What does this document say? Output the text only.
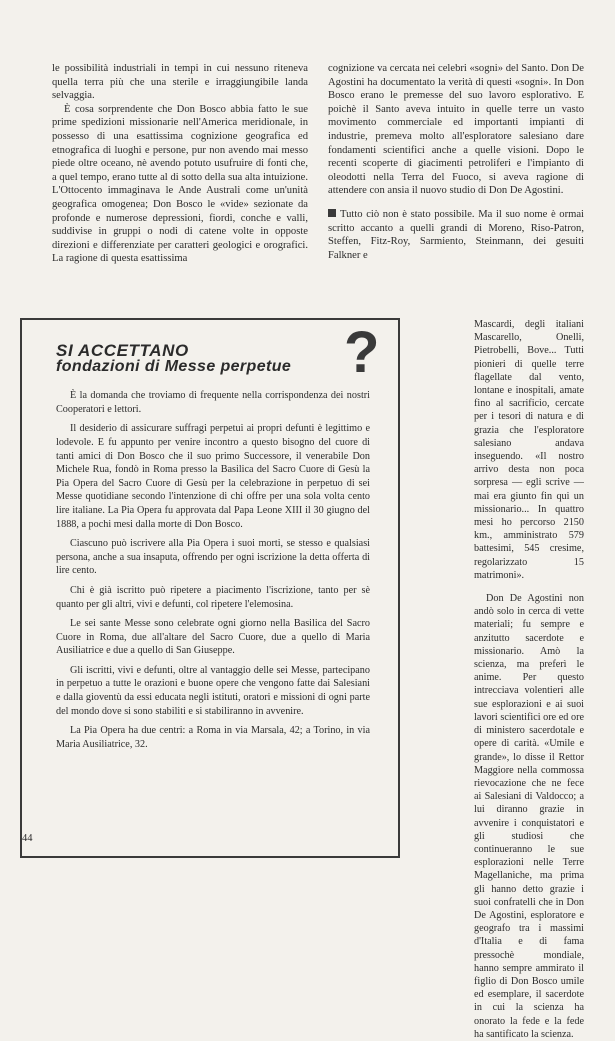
le possibilità industriali in tempi in cui nessuno riteneva quella terra più che una sterile e irraggiungibile landa selvaggia.

È cosa sorprendente che Don Bosco abbia fatto le sue prime spedizioni missionarie nell'America meridionale, in possesso di una esattissima cognizione geografica ed etnografica di luoghi e persone, pur non avendo mai messo piede oltre oceano, nè avendo potuto usufruire di fonti che, a quel tempo, erano tutte al di sotto della sua alta intuizione. L'Ottocento immaginava le Ande Australi come un'unità geografica omogenea; Don Bosco le «vide» sezionate da profonde e numerose depressioni, fiordi, conche e valli, suddivise in gruppi o nodi di catene volte in opposte direzioni e differenziate per caratteri geologici e orografici. La ragione di questa esattissima

cognizione va cercata nei celebri «sogni» del Santo. Don De Agostini ha documentato la verità di questi «sogni». In Don Bosco erano le premesse del suo lavoro esplorativo. E poichè il Santo aveva intuito in quelle terre un vasto movimento commerciale ed importanti impianti di industrie, premeva molto all'esploratore salesiano dare fondamenti scientifici anche a quelle visioni. Dopo le recenti scoperte di giacimenti petroliferi e l'impianto di oleodotti nella Terra del Fuoco, si aveva ragione di attendere con ansia il nuovo studio di Don De Agostini.

Tutto ciò non è stato possibile. Ma il suo nome è ormai scritto accanto a quelli grandi di Moreno, Riso-Patron, Steffen, Fitz-Roy, Sarmiento, Steinmann, dei gesuiti Falkner e

Mascardi, degli italiani Mascarello, Onelli, Pietrobelli, Bove... Tutti pionieri di quelle terre flagellate dal vento, lontane e inospitali, amate fino al sacrificio, cercate per i tesori di natura e di grazia che l'esploratore salesiano andava inseguendo. «Il nostro arrivo desta non poca sorpresa — egli scrive — mai era giunto fin qui un missionario... In quattro mesi ho percorso 2150 km., amministrato 579 battesimi, 545 cresime, regolarizzato 15 matrimoni».

Don De Agostini non andò solo in cerca di vette materiali; fu sempre e anzitutto sacerdote e missionario. Amò la scienza, ma preferì le anime. Per questo intrecciava volentieri alle sue esplorazioni e ai suoi lavori scientifici ore ed ore di ministero sacerdotale e opere di carità. «Umile e grande», lo disse il Rettor Maggiore nella commossa rievocazione che ne fece ai Salesiani di Valdocco; a lui diranno grazie in avvenire i conquistatori e gli studiosi che continueranno le sue esplorazioni nelle Terre Magellaniche, ma prima gli hanno detto grazie i suoi confratelli che in Don De Agostini, esploratore e geografo tra i massimi d'Italia e di fama pressochè mondiale, hanno sempre ammirato il figlio di Don Bosco umile ed esemplare, il sacerdote in cui la scienza ha onorato la fede e la fede ha santificato la scienza.

?
SI ACCETTANO
fondazioni di Messe perpetue

È la domanda che troviamo di frequente nella corrispondenza dei nostri Cooperatori e lettori.

Il desiderio di assicurare suffragi perpetui ai propri defunti è legittimo e lodevole. E fu appunto per venire incontro a questo bisogno del cuore di tanti amici di Don Bosco che il suo primo Successore, il venerabile Don Michele Rua, fondò in Roma presso la Basilica del Sacro Cuore di Gesù la Pia Opera del Sacro Cuore di Gesù per la celebrazione in perpetuo di sei Messe quotidiane secondo l'intenzione di chi offre per una sola volta cento lire italiane. La Pia Opera fu approvata dal Papa Leone XIII il 30 giugno del 1888, a pochi mesi dalla morte di Don Bosco.

Ciascuno può iscrivere alla Pia Opera i suoi morti, se stesso e qualsiasi persona, anche a sua insaputa, offrendo per ogni iscrizione la detta offerta di lire cento.

Chi è già iscritto può ripetere a piacimento l'iscrizione, tanto per sè quanto per gli altri, vivi e defunti, col ripetere l'elemosina.

Le sei sante Messe sono celebrate ogni giorno nella Basilica del Sacro Cuore in Roma, due all'altare del Sacro Cuore, due a quello di Maria Ausiliatrice e due a quello di San Giuseppe.

Gli iscritti, vivi e defunti, oltre al vantaggio delle sei Messe, partecipano in perpetuo a tutte le orazioni e buone opere che vengono fatte dai Salesiani e dalla gioventù da essi educata negli istituti, oratori e missioni di ogni parte del mondo dove si sono stabiliti e si stabiliranno in avvenire.

La Pia Opera ha due centri: a Roma in via Marsala, 42; a Torino, in via Maria Ausiliatrice, 32.

44
